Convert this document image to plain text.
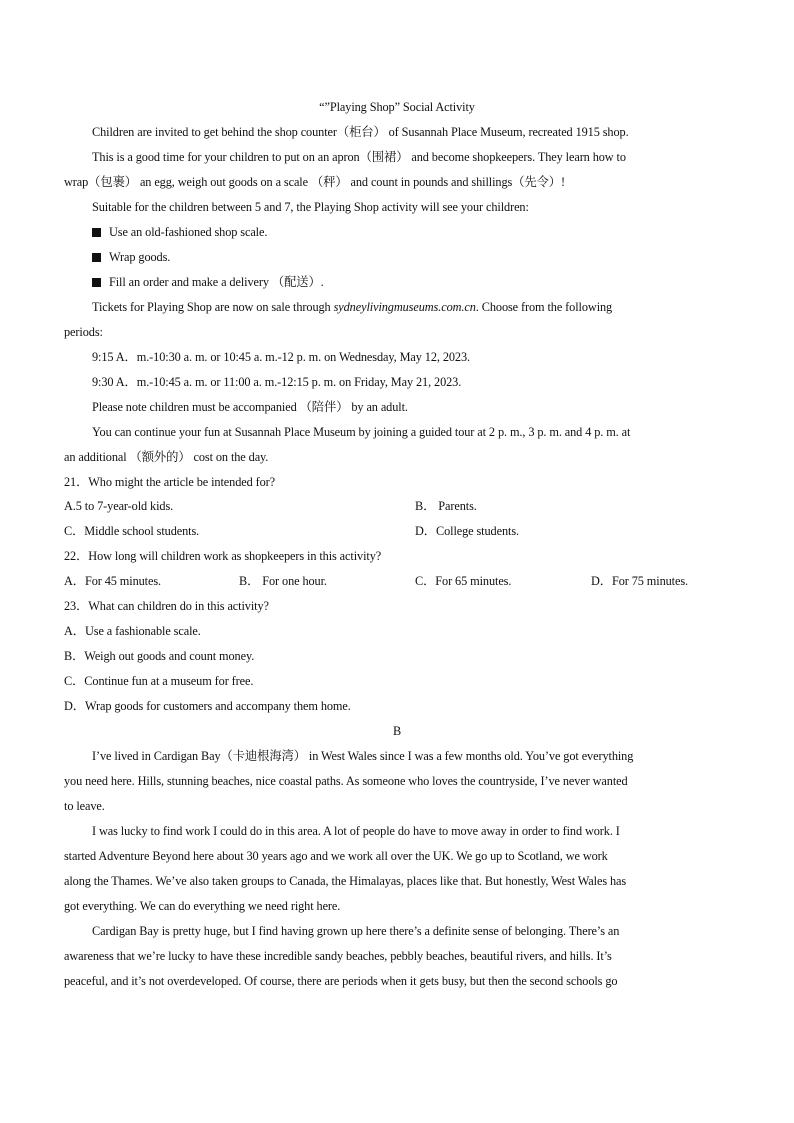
“”Playing Shop” Social Activity
Children are invited to get behind the shop counter（柜台） of Susannah Place Museum, recreated 1915 shop.
This is a good time for your children to put on an apron（围裙） and become shopkeepers. They learn how to
wrap（包裹） an egg, weigh out goods on a scale （秤） and count in pounds and shillings（先令）!
Suitable for the children between 5 and 7, the Playing Shop activity will see your children:
Use an old-fashioned shop scale.
Wrap goods.
Fill an order and make a delivery （配送）.
Tickets for Playing Shop are now on sale through sydneylivingmuseums.com.cn. Choose from the following
periods:
9:15 A．m.-10:30 a. m. or 10:45 a. m.-12 p. m. on Wednesday, May 12, 2023.
9:30 A．m.-10:45 a. m. or 11:00 a. m.-12:15 p. m. on Friday, May 21, 2023.
Please note children must be accompanied （陪伴） by an adult.
You can continue your fun at Susannah Place Museum by joining a guided tour at 2 p. m., 3 p. m. and 4 p. m. at
an additional （额外的） cost on the day.
21．Who might the article be intended for?
A.5 to 7-year-old kids.	B． Parents.
C．Middle school students.	D．College students.
22．How long will children work as shopkeepers in this activity?
A．For 45 minutes.	B． For one hour.	C．For 65 minutes.	D．For 75 minutes.
23．What can children do in this activity?
A．Use a fashionable scale.
B．Weigh out goods and count money.
C．Continue fun at a museum for free.
D．Wrap goods for customers and accompany them home.
B
I’ve lived in Cardigan Bay（卡迪根海湾） in West Wales since I was a few months old. You’ve got everything
you need here. Hills, stunning beaches, nice coastal paths. As someone who loves the countryside, I’ve never wanted
to leave.
I was lucky to find work I could do in this area. A lot of people do have to move away in order to find work. I
started Adventure Beyond here about 30 years ago and we work all over the UK. We go up to Scotland, we work
along the Thames. We’ve also taken groups to Canada, the Himalayas, places like that. But honestly, West Wales has
got everything. We can do everything we need right here.
Cardigan Bay is pretty huge, but I find having grown up here there’s a definite sense of belonging. There’s an
awareness that we’re lucky to have these incredible sandy beaches, pebbly beaches, beautiful rivers, and hills. It’s
peaceful, and it’s not overdeveloped. Of course, there are periods when it gets busy, but then the second schools go
